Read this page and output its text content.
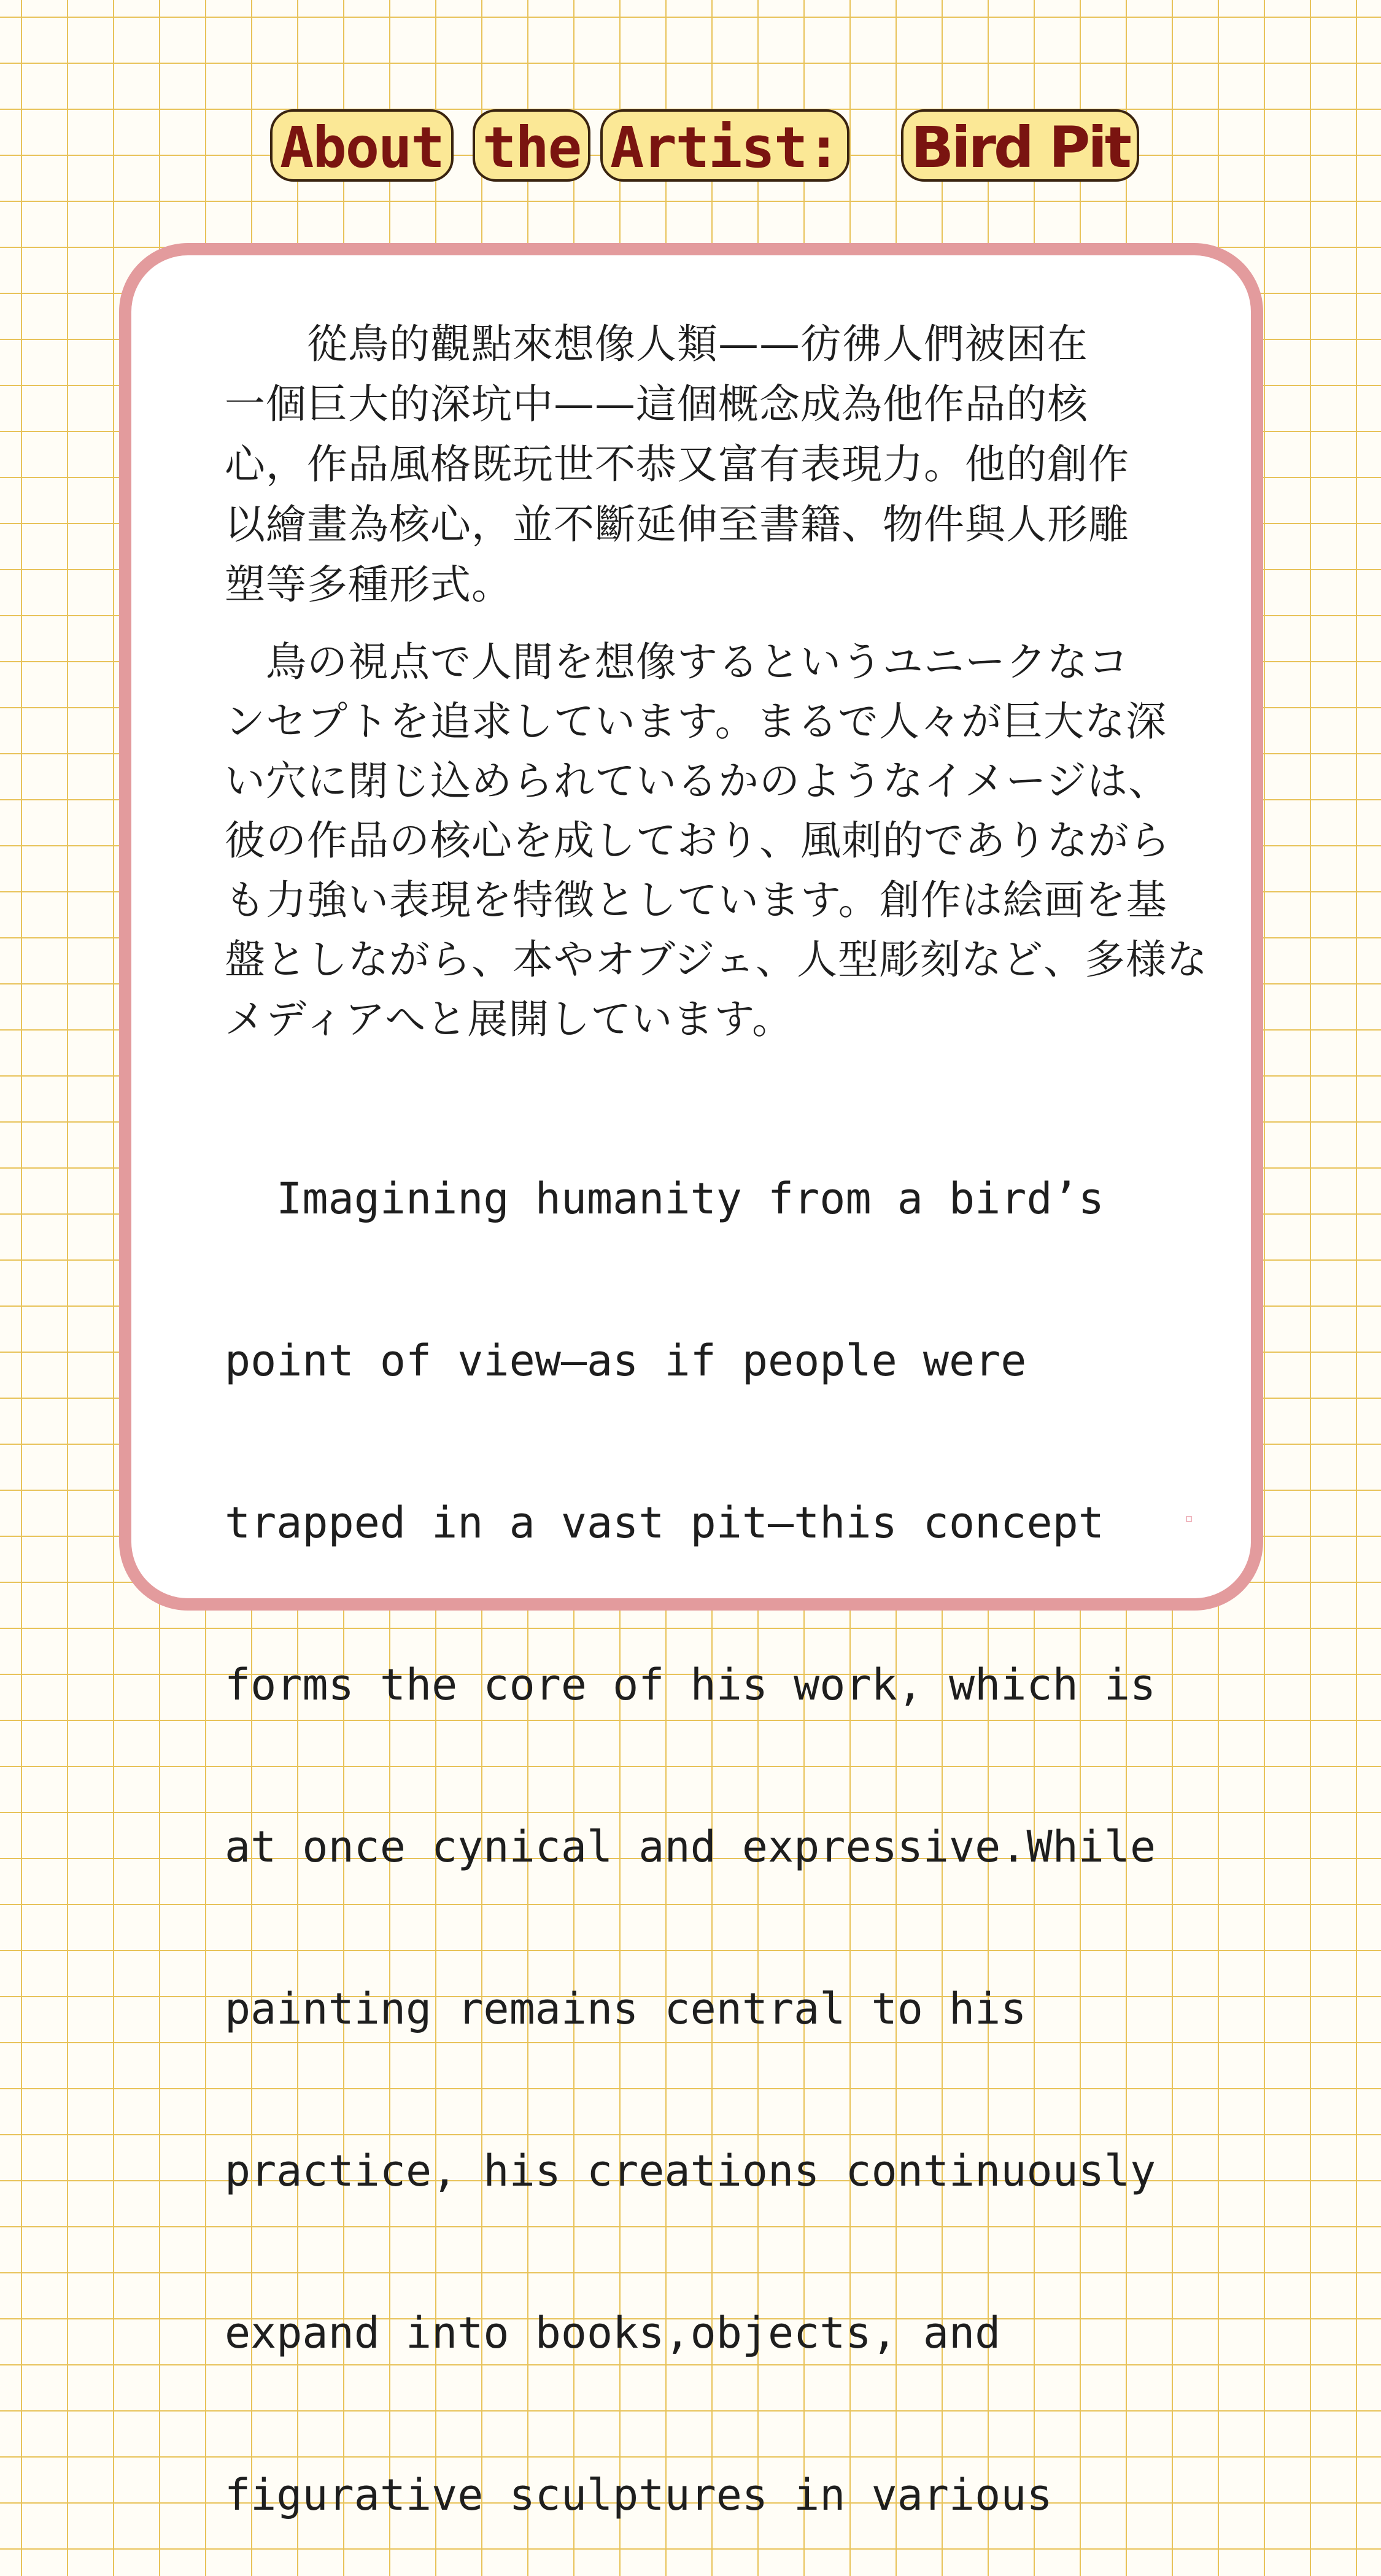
About the Artist: Bird Pit
　　從鳥的觀點來想像人類——彷彿人們被困在
一個巨大的深坑中——這個概念成為他作品的核
心，作品風格既玩世不恭又富有表現力。他的創作
以繪畫為核心，並不斷延伸至書籍、物件與人形雕
塑等多種形式。
　鳥の視点で人間を想像するというユニークなコ
ンセプトを追求しています。まるで人々が巨大な深
い穴に閉じ込められているかのようなイメージは、
彼の作品の核心を成しており、風刺的でありながら
も力強い表現を特徴としています。創作は絵画を基
盤としながら、本やオブジェ、人型彫刻など、多様な
メディアへと展開しています。

Imagining humanity from a bird’s

point of view—as if people were

trapped in a vast pit—this concept

forms the core of his work, which is

at once cynical and expressive.While

painting remains central to his

practice, his creations continuously

expand into books,objects, and

figurative sculptures in various
